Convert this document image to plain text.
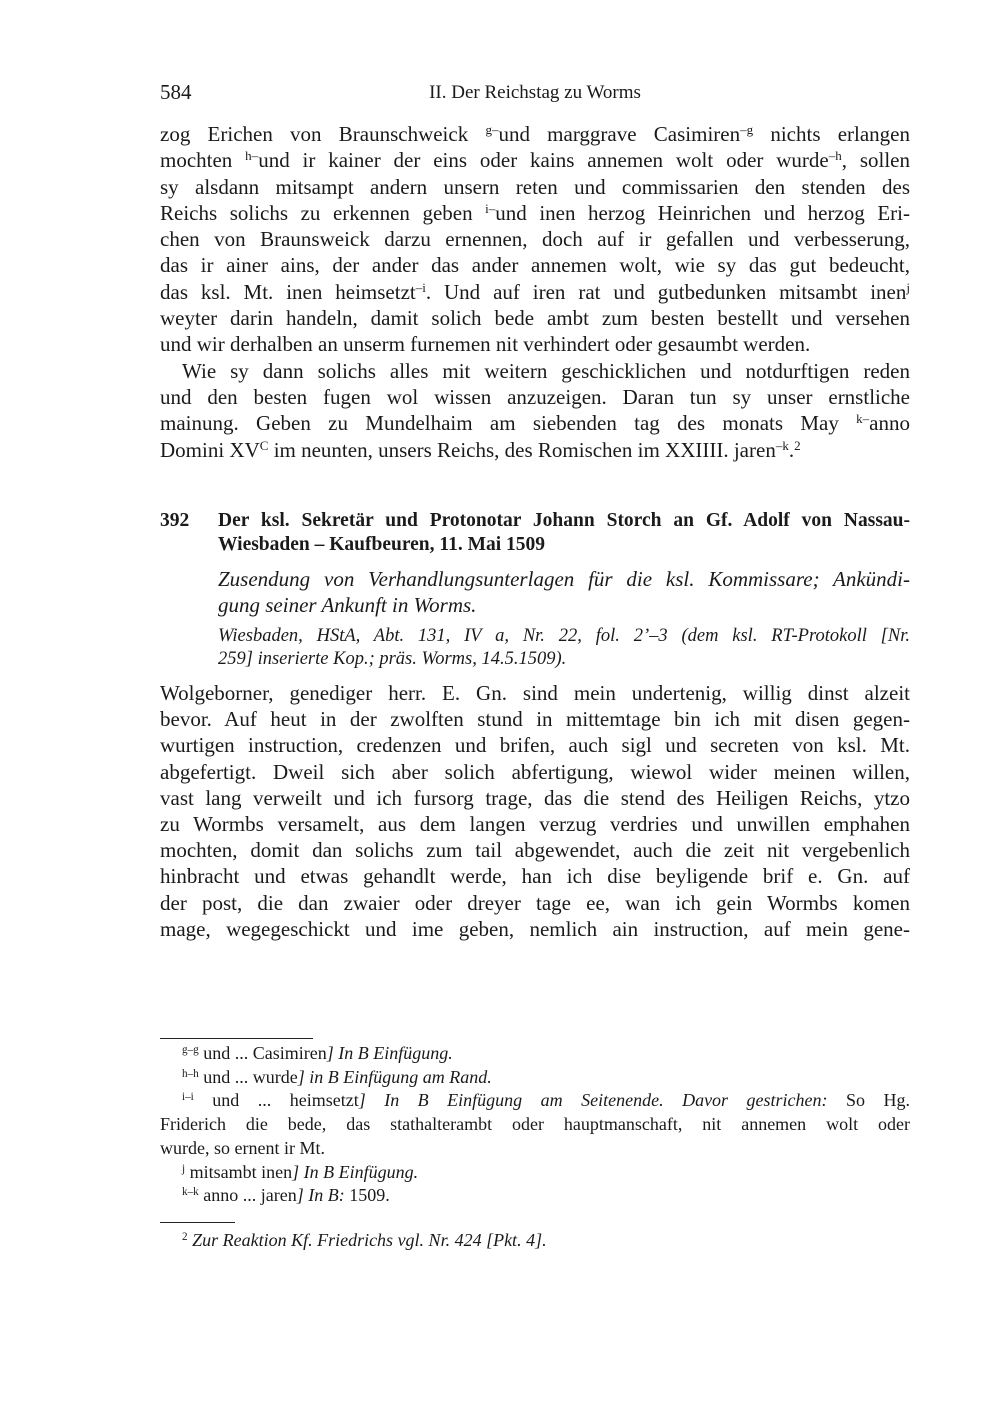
584	II. Der Reichstag zu Worms
zog Erichen von Braunschweick $^{g-}$und marggrave Casimiren$^{-g}$ nichts erlangen
mochten $^{h-}$und ir kainer der eins oder kains annemen wolt oder wurde$^{-h}$, sollen
sy alsdann mitsampt andern unsern reten und commissarien den stenden des
Reichs solichs zu erkennen geben $^{i-}$und inen herzog Heinrichen und herzog Eri-
chen von Braunsweick darzu ernennen, doch auf ir gefallen und verbesserung,
das ir ainer ains, der ander das ander annemen wolt, wie sy das gut bedeucht,
das ksl. Mt. inen heimsetzt$^{-i}$. Und auf iren rat und gutbedunken mitsambt inen$^j$
weyter darin handeln, damit solich bede ambt zum besten bestellt und versehen
und wir derhalben an unserm furnemen nit verhindert oder gesaumbt werden.
Wie sy dann solichs alles mit weitern geschicklichen und notdurftigen reden
und den besten fugen wol wissen anzuzeigen. Daran tun sy unser ernstliche
mainung. Geben zu Mundelhaim am siebenden tag des monats May $^{k-}$anno
Domini $XV^C$ im neunten, unsers Reichs, des Romischen im XXIIII. jaren$^{-k}$.$^2$
392 Der ksl. Sekretär und Protonotar Johann Storch an Gf. Adolf von Nassau-
Wiesbaden – Kaufbeuren, 11. Mai 1509
Zusendung von Verhandlungsunterlagen für die ksl. Kommissare; Ankündi-
gung seiner Ankunft in Worms.
Wiesbaden, HStA, Abt. 131, IV a, Nr. 22, fol. 2’–3 (dem ksl. RT-Protokoll [Nr.
259] inserierte Kop.; präs. Worms, 14.5.1509).
Wolgeborner, genediger herr. E. Gn. sind mein undertenig, willig dinst alzeit
bevor. Auf heut in der zwolften stund in mittemtage bin ich mit disen gegen-
wurtigen instruction, credenzen und brifen, auch sigl und secreten von ksl. Mt.
abgefertigt. Dweil sich aber solich abfertigung, wiewol wider meinen willen,
vast lang verweilt und ich fursorg trage, das die stend des Heiligen Reichs, ytzo
zu Wormbs versamelt, aus dem langen verzug verdries und unwillen emphahen
mochten, domit dan solichs zum tail abgewendet, auch die zeit nit vergebenlich
hinbracht und etwas gehandlt werde, han ich dise beyligende brif e. Gn. auf
der post, die dan zwaier oder dreyer tage ee, wan ich gein Wormbs komen
mage, wegegeschickt und ime geben, nemlich ain instruction, auf mein gene-
$^{g-g}$ und ... Casimiren] In B Einfügung.
$^{h-h}$ und ... wurde] in B Einfügung am Rand.
$^{i-i}$ und ... heimsetzt] In B Einfügung am Seitenende. Davor gestrichen: So Hg.
Friderich die bede, das stathalterambt oder hauptmanschaft, nit annemen wolt oder
wurde, so ernent ir Mt.
$^j$ mitsambt inen] In B Einfügung.
$^{k-k}$ anno ... jaren] In B: 1509.
$^2$ Zur Reaktion Kf. Friedrichs vgl. Nr. 424 [Pkt. 4].
